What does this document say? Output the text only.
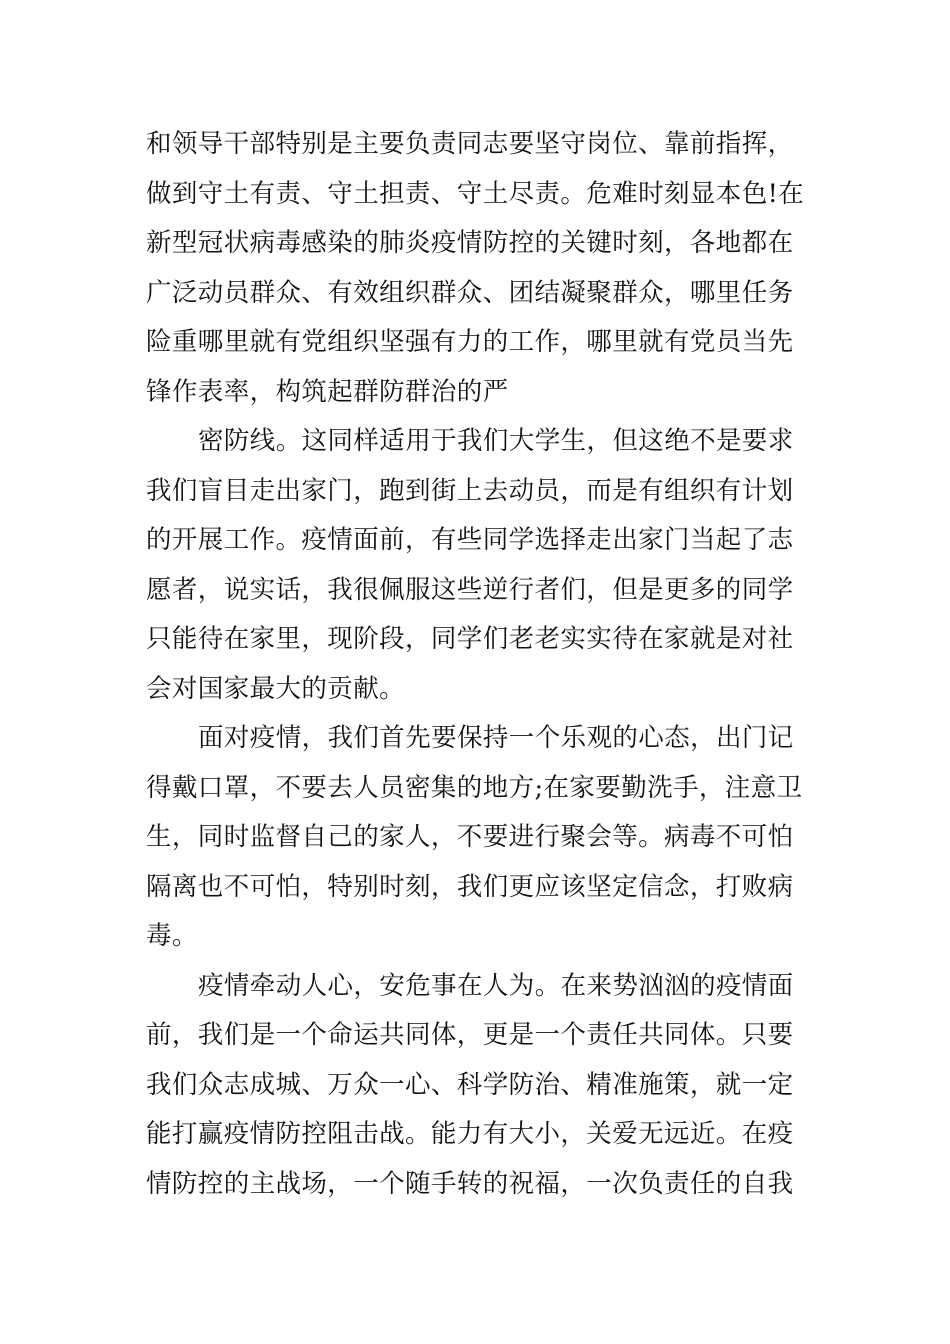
和领导干部特别是主要负责同志要坚守岗位、靠前指挥，
做到守土有责、守土担责、守土尽责。危难时刻显本色!在
新型冠状病毒感染的肺炎疫情防控的关键时刻，各地都在
广泛动员群众、有效组织群众、团结凝聚群众，哪里任务
险重哪里就有党组织坚强有力的工作，哪里就有党员当先
锋作表率，构筑起群防群治的严

密防线。这同样适用于我们大学生，但这绝不是要求
我们盲目走出家门，跑到街上去动员，而是有组织有计划
的开展工作。疫情面前，有些同学选择走出家门当起了志
愿者，说实话，我很佩服这些逆行者们，但是更多的同学
只能待在家里，现阶段，同学们老老实实待在家就是对社
会对国家最大的贡献。

面对疫情，我们首先要保持一个乐观的心态，出门记
得戴口罩，不要去人员密集的地方;在家要勤洗手，注意卫
生，同时监督自己的家人，不要进行聚会等。病毒不可怕
隔离也不可怕，特别时刻，我们更应该坚定信念，打败病
毒。

疫情牵动人心，安危事在人为。在来势汹汹的疫情面
前，我们是一个命运共同体，更是一个责任共同体。只要
我们众志成城、万众一心、科学防治、精准施策，就一定
能打赢疫情防控阻击战。能力有大小，关爱无远近。在疫
情防控的主战场，一个随手转的祝福，一次负责任的自我
